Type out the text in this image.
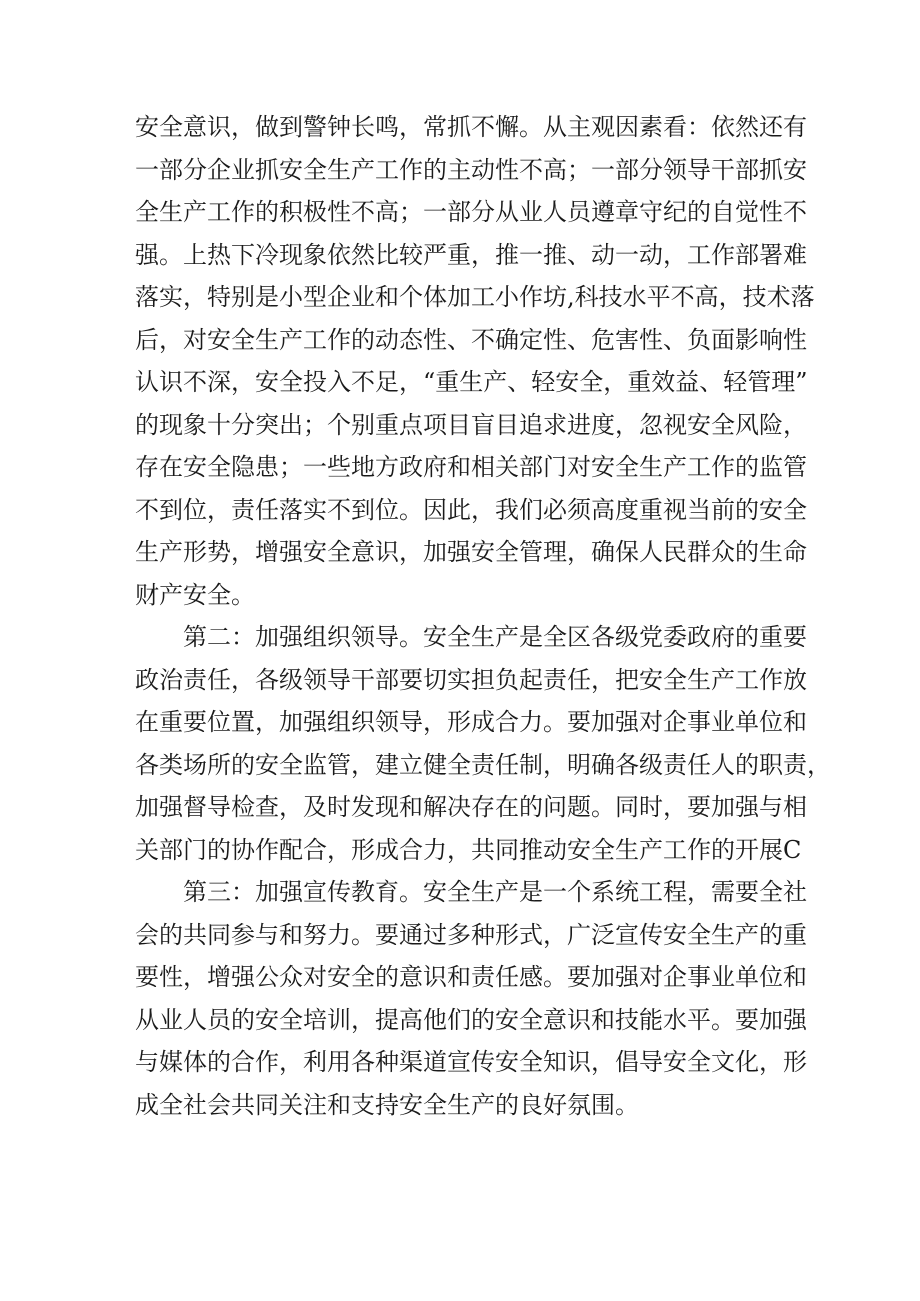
安全意识，做到警钟长鸣，常抓不懈。从主观因素看：依然还有
一部分企业抓安全生产工作的主动性不高；一部分领导干部抓安
全生产工作的积极性不高；一部分从业人员遵章守纪的自觉性不
强。上热下冷现象依然比较严重，推一推、动一动，工作部署难
落实，特别是小型企业和个体加工小作坊,科技水平不高，技术落
后，对安全生产工作的动态性、不确定性、危害性、负面影响性
认识不深，安全投入不足，“重生产、轻安全，重效益、轻管理”
的现象十分突出；个别重点项目盲目追求进度，忽视安全风险，
存在安全隐患；一些地方政府和相关部门对安全生产工作的监管
不到位，责任落实不到位。因此，我们必须高度重视当前的安全
生产形势，增强安全意识，加强安全管理，确保人民群众的生命
财产安全。

第二：加强组织领导。安全生产是全区各级党委政府的重要
政治责任，各级领导干部要切实担负起责任，把安全生产工作放
在重要位置，加强组织领导，形成合力。要加强对企事业单位和
各类场所的安全监管，建立健全责任制，明确各级责任人的职责，
加强督导检查，及时发现和解决存在的问题。同时，要加强与相
关部门的协作配合，形成合力，共同推动安全生产工作的开展C

第三：加强宣传教育。安全生产是一个系统工程，需要全社
会的共同参与和努力。要通过多种形式，广泛宣传安全生产的重
要性，增强公众对安全的意识和责任感。要加强对企事业单位和
从业人员的安全培训，提高他们的安全意识和技能水平。要加强
与媒体的合作，利用各种渠道宣传安全知识，倡导安全文化，形
成全社会共同关注和支持安全生产的良好氛围。
